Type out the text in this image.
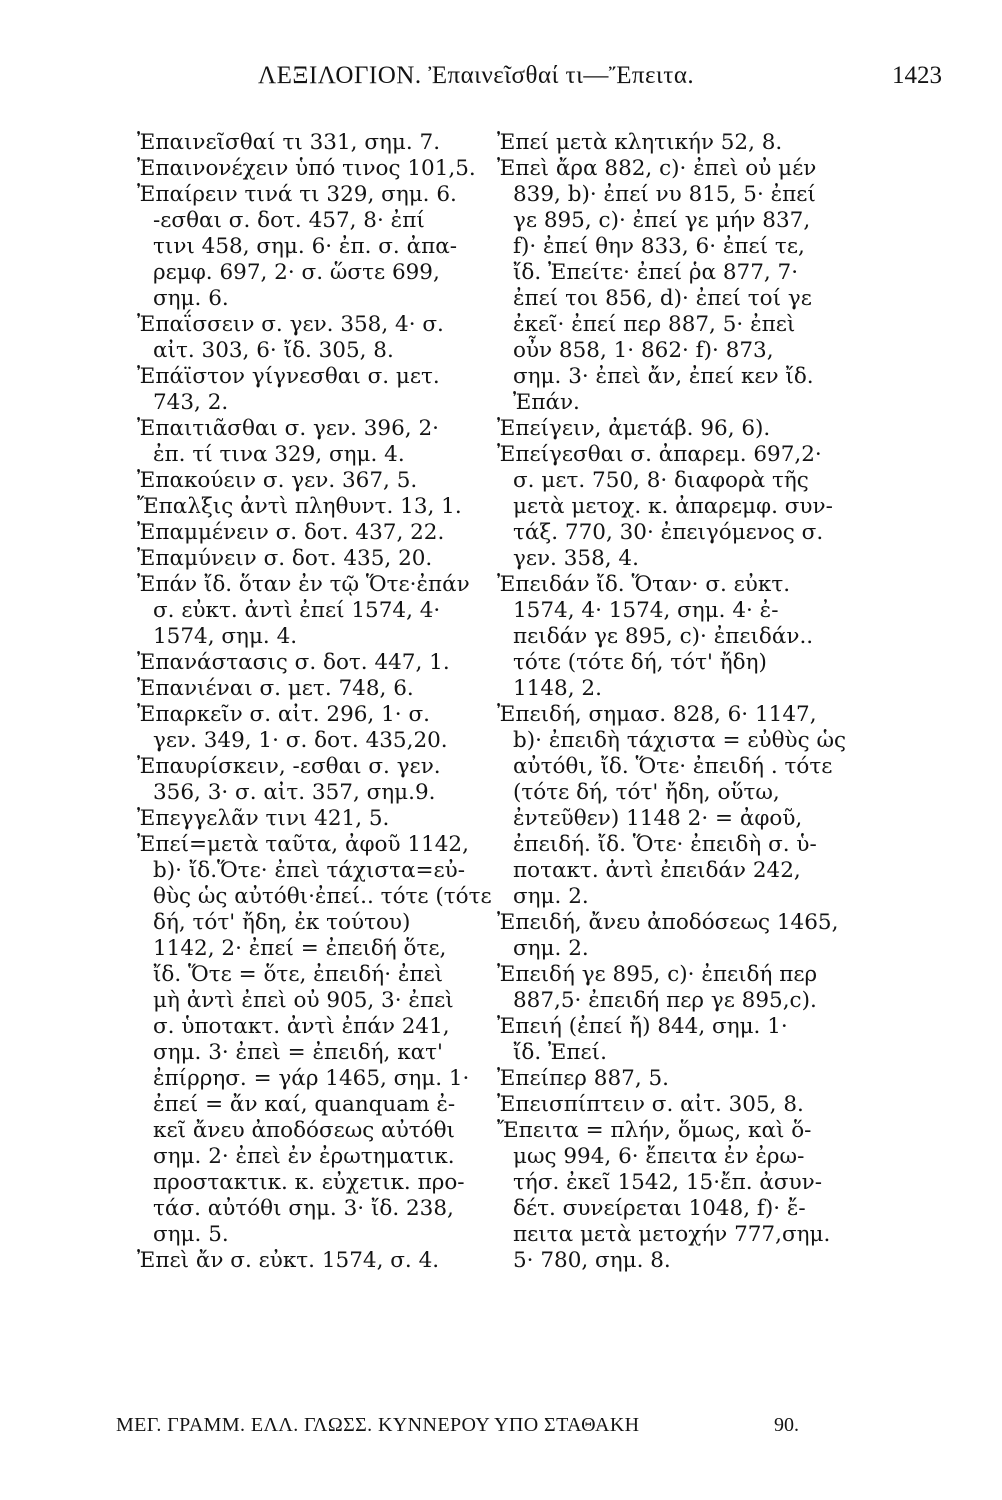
ΛΕΞΙΛΟΓΙΟΝ. Ἐπαινεῖσθαί τι—Ἔπειτα.	1423
Ἐπαινεῖσθαί τι 331, σημ. 7.
Ἐπαινονέχειν ὑπό τινος 101,5.
Ἐπαίρειν τινά τι 329, σημ. 6.
-εσθαι σ. δοτ. 457, 8· ἐπί
τινι 458, σημ. 6· ἐπ. σ. ἀπα-
ρεμφ. 697, 2· σ. ὥστε 699,
σημ. 6.
Ἐπαΐσσειν σ. γεν. 358, 4· σ.
αἰτ. 303, 6· ἴδ. 305, 8.
Ἐπάϊστον γίγνεσθαι σ. μετ.
743, 2.
Ἐπαιτιᾶσθαι σ. γεν. 396, 2·
ἐπ. τί τινα 329, σημ. 4.
Ἐπακούειν σ. γεν. 367, 5.
Ἔπαλξις ἀντὶ πληθυντ. 13, 1.
Ἐπαμμένειν σ. δοτ. 437, 22.
Ἐπαμύνειν σ. δοτ. 435, 20.
Ἐπάν ἴδ. ὅταν ἐν τῷ Ὅτε·ἐπάν
σ. εὐκτ. ἀντὶ ἐπεί 1574, 4·
1574, σημ. 4.
Ἐπανάστασις σ. δοτ. 447, 1.
Ἐπανιέναι σ. μετ. 748, 6.
Ἐπαρκεῖν σ. αἰτ. 296, 1· σ.
γεν. 349, 1· σ. δοτ. 435,20.
Ἐπαυρίσκειν, -εσθαι σ. γεν.
356, 3· σ. αἰτ. 357, σημ.9.
Ἐπεγγελᾶν τινι 421, 5.
Ἐπεί=μετὰ ταῦτα, ἀφοῦ 1142,
b)· ἴδ.Ὅτε· ἐπεὶ τάχιστα=εὐ-
θὺς ὡς αὐτόθι·ἐπεί.. τότε (τότε
δή, τότ' ἤδη, ἐκ τούτου)
1142, 2· ἐπεί = ἐπειδή ὅτε,
ἴδ. Ὅτε = ὅτε, ἐπειδή· ἐπεὶ
μὴ ἀντὶ ἐπεὶ οὐ 905, 3· ἐπεὶ
σ. ὑποτακτ. ἀντὶ ἐπάν 241,
σημ. 3· ἐπεὶ = ἐπειδή, κατ'
ἐπίρρησ. = γάρ 1465, σημ. 1·
ἐπεί = ἄν καί, quanquam ἐ-
κεῖ ἄνευ ἀποδόσεως αὐτόθι
σημ. 2· ἐπεὶ ἐν ἐρωτηματικ.
προστακτικ. κ. εὐχετικ. προ-
τάσ. αὐτόθι σημ. 3· ἴδ. 238,
σημ. 5.
Ἐπεὶ ἄν σ. εὐκτ. 1574, σ. 4.
Ἐπεί μετὰ κλητικήν 52, 8.
Ἐπεὶ ἄρα 882, c)· ἐπεὶ οὐ μέν
839, b)· ἐπεί νυ 815, 5· ἐπεί
γε 895, c)· ἐπεί γε μήν 837,
f)· ἐπεί θην 833, 6· ἐπεί τε,
ἴδ. Ἐπείτε· ἐπεί ῥα 877, 7·
ἐπεί τοι 856, d)· ἐπεί τοί γε
ἐκεῖ· ἐπεί περ 887, 5· ἐπεὶ
οὖν 858, 1· 862· f)· 873,
σημ. 3· ἐπεὶ ἄν, ἐπεί κεν ἴδ.
Ἐπάν.
Ἐπείγειν, ἀμετάβ. 96, 6).
Ἐπείγεσθαι σ. ἀπαρεμ. 697,2·
σ. μετ. 750, 8· διαφορὰ τῆς
μετὰ μετοχ. κ. ἀπαρεμφ. συν-
τάξ. 770, 30· ἐπειγόμενος σ.
γεν. 358, 4.
Ἐπειδάν ἴδ. Ὅταν· σ. εὐκτ.
1574, 4· 1574, σημ. 4· ἐ-
πειδάν γε 895, c)· ἐπειδάν..
τότε (τότε δή, τότ' ἤδη)
1148, 2.
Ἐπειδή, σημασ. 828, 6· 1147,
b)· ἐπειδὴ τάχιστα = εὐθὺς ὡς
αὐτόθι, ἴδ. Ὅτε· ἐπειδή . τότε
(τότε δή, τότ' ἤδη, οὕτω,
ἐντεῦθεν) 1148 2· = ἀφοῦ,
ἐπειδή. ἴδ. Ὅτε· ἐπειδὴ σ. ὑ-
ποτακτ. ἀντὶ ἐπειδάν 242,
σημ. 2.
Ἐπειδή, ἄνευ ἀποδόσεως 1465,
σημ. 2.
Ἐπειδή γε 895, c)· ἐπειδή περ
887,5· ἐπειδή περ γε 895,c).
Ἐπειή (ἐπεί ἤ) 844, σημ. 1·
ἴδ. Ἐπεί.
Ἐπείπερ 887, 5.
Ἐπεισπίπτειν σ. αἰτ. 305, 8.
Ἔπειτα = πλήν, ὅμως, καὶ ὅ-
μως 994, 6· ἔπειτα ἐν ἐρω-
τήσ. ἐκεῖ 1542, 15·ἔπ. ἀσυν-
δέτ. συνείρεται 1048, f)· ἔ-
πειτα μετὰ μετοχήν 777,σημ.
5· 780, σημ. 8.
ΜΕΓ. ΓΡΑΜΜ. ΕΛΛ. ΓΛΩΣΣ. ΚΥΝΝΕΡΟΥ ΥΠΟ ΣΤΑΘΑΚΗ	90.
